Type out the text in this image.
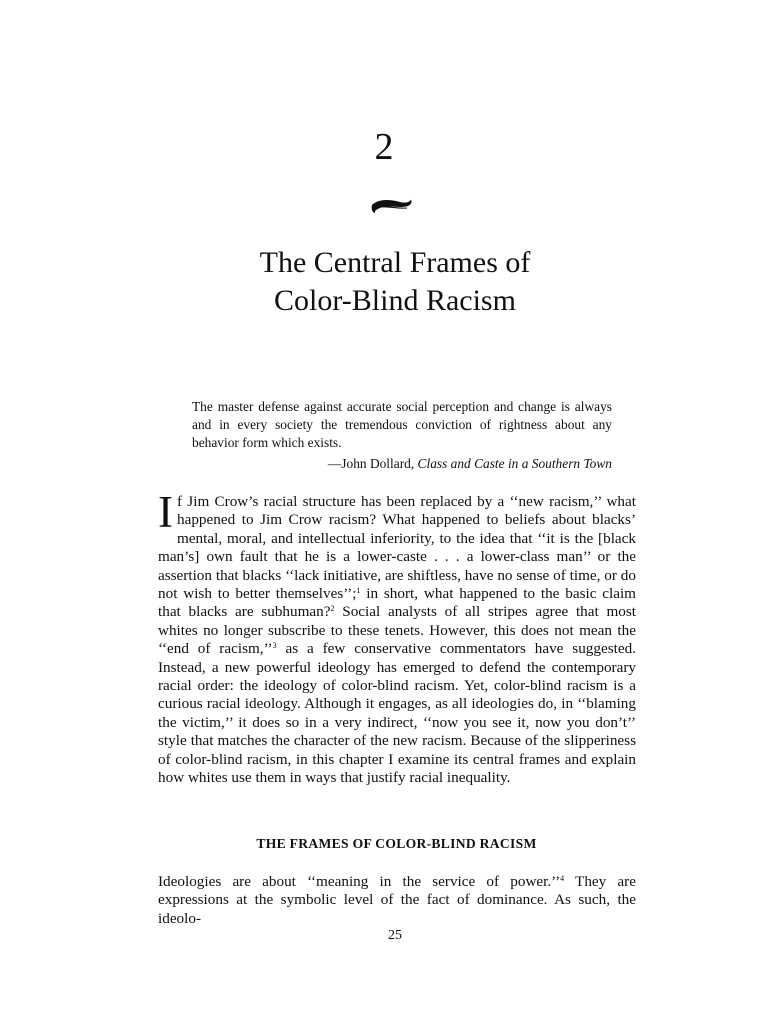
2
The Central Frames of
Color-Blind Racism
The master defense against accurate social perception and change is always and in every society the tremendous conviction of rightness about any behavior form which exists.
—John Dollard, Class and Caste in a Southern Town
If Jim Crow’s racial structure has been replaced by a ‘‘new racism,’’ what happened to Jim Crow racism? What happened to beliefs about blacks’ mental, moral, and intellectual inferiority, to the idea that ‘‘it is the [black man’s] own fault that he is a lower-caste . . . a lower-class man’’ or the assertion that blacks ‘‘lack initiative, are shiftless, have no sense of time, or do not wish to better themselves’’;$^1$ in short, what happened to the basic claim that blacks are subhuman?$^2$ Social analysts of all stripes agree that most whites no longer subscribe to these tenets. However, this does not mean the ‘‘end of racism,’’$^3$ as a few conservative commentators have suggested. Instead, a new powerful ideology has emerged to defend the contemporary racial order: the ideology of color-blind racism. Yet, color-blind racism is a curious racial ideology. Although it engages, as all ideologies do, in ‘‘blaming the victim,’’ it does so in a very indirect, ‘‘now you see it, now you don’t’’ style that matches the character of the new racism. Because of the slipperiness of color-blind racism, in this chapter I examine its central frames and explain how whites use them in ways that justify racial inequality.
THE FRAMES OF COLOR-BLIND RACISM
Ideologies are about ‘‘meaning in the service of power.’’$^4$ They are expressions at the symbolic level of the fact of dominance. As such, the ideolo-
25
